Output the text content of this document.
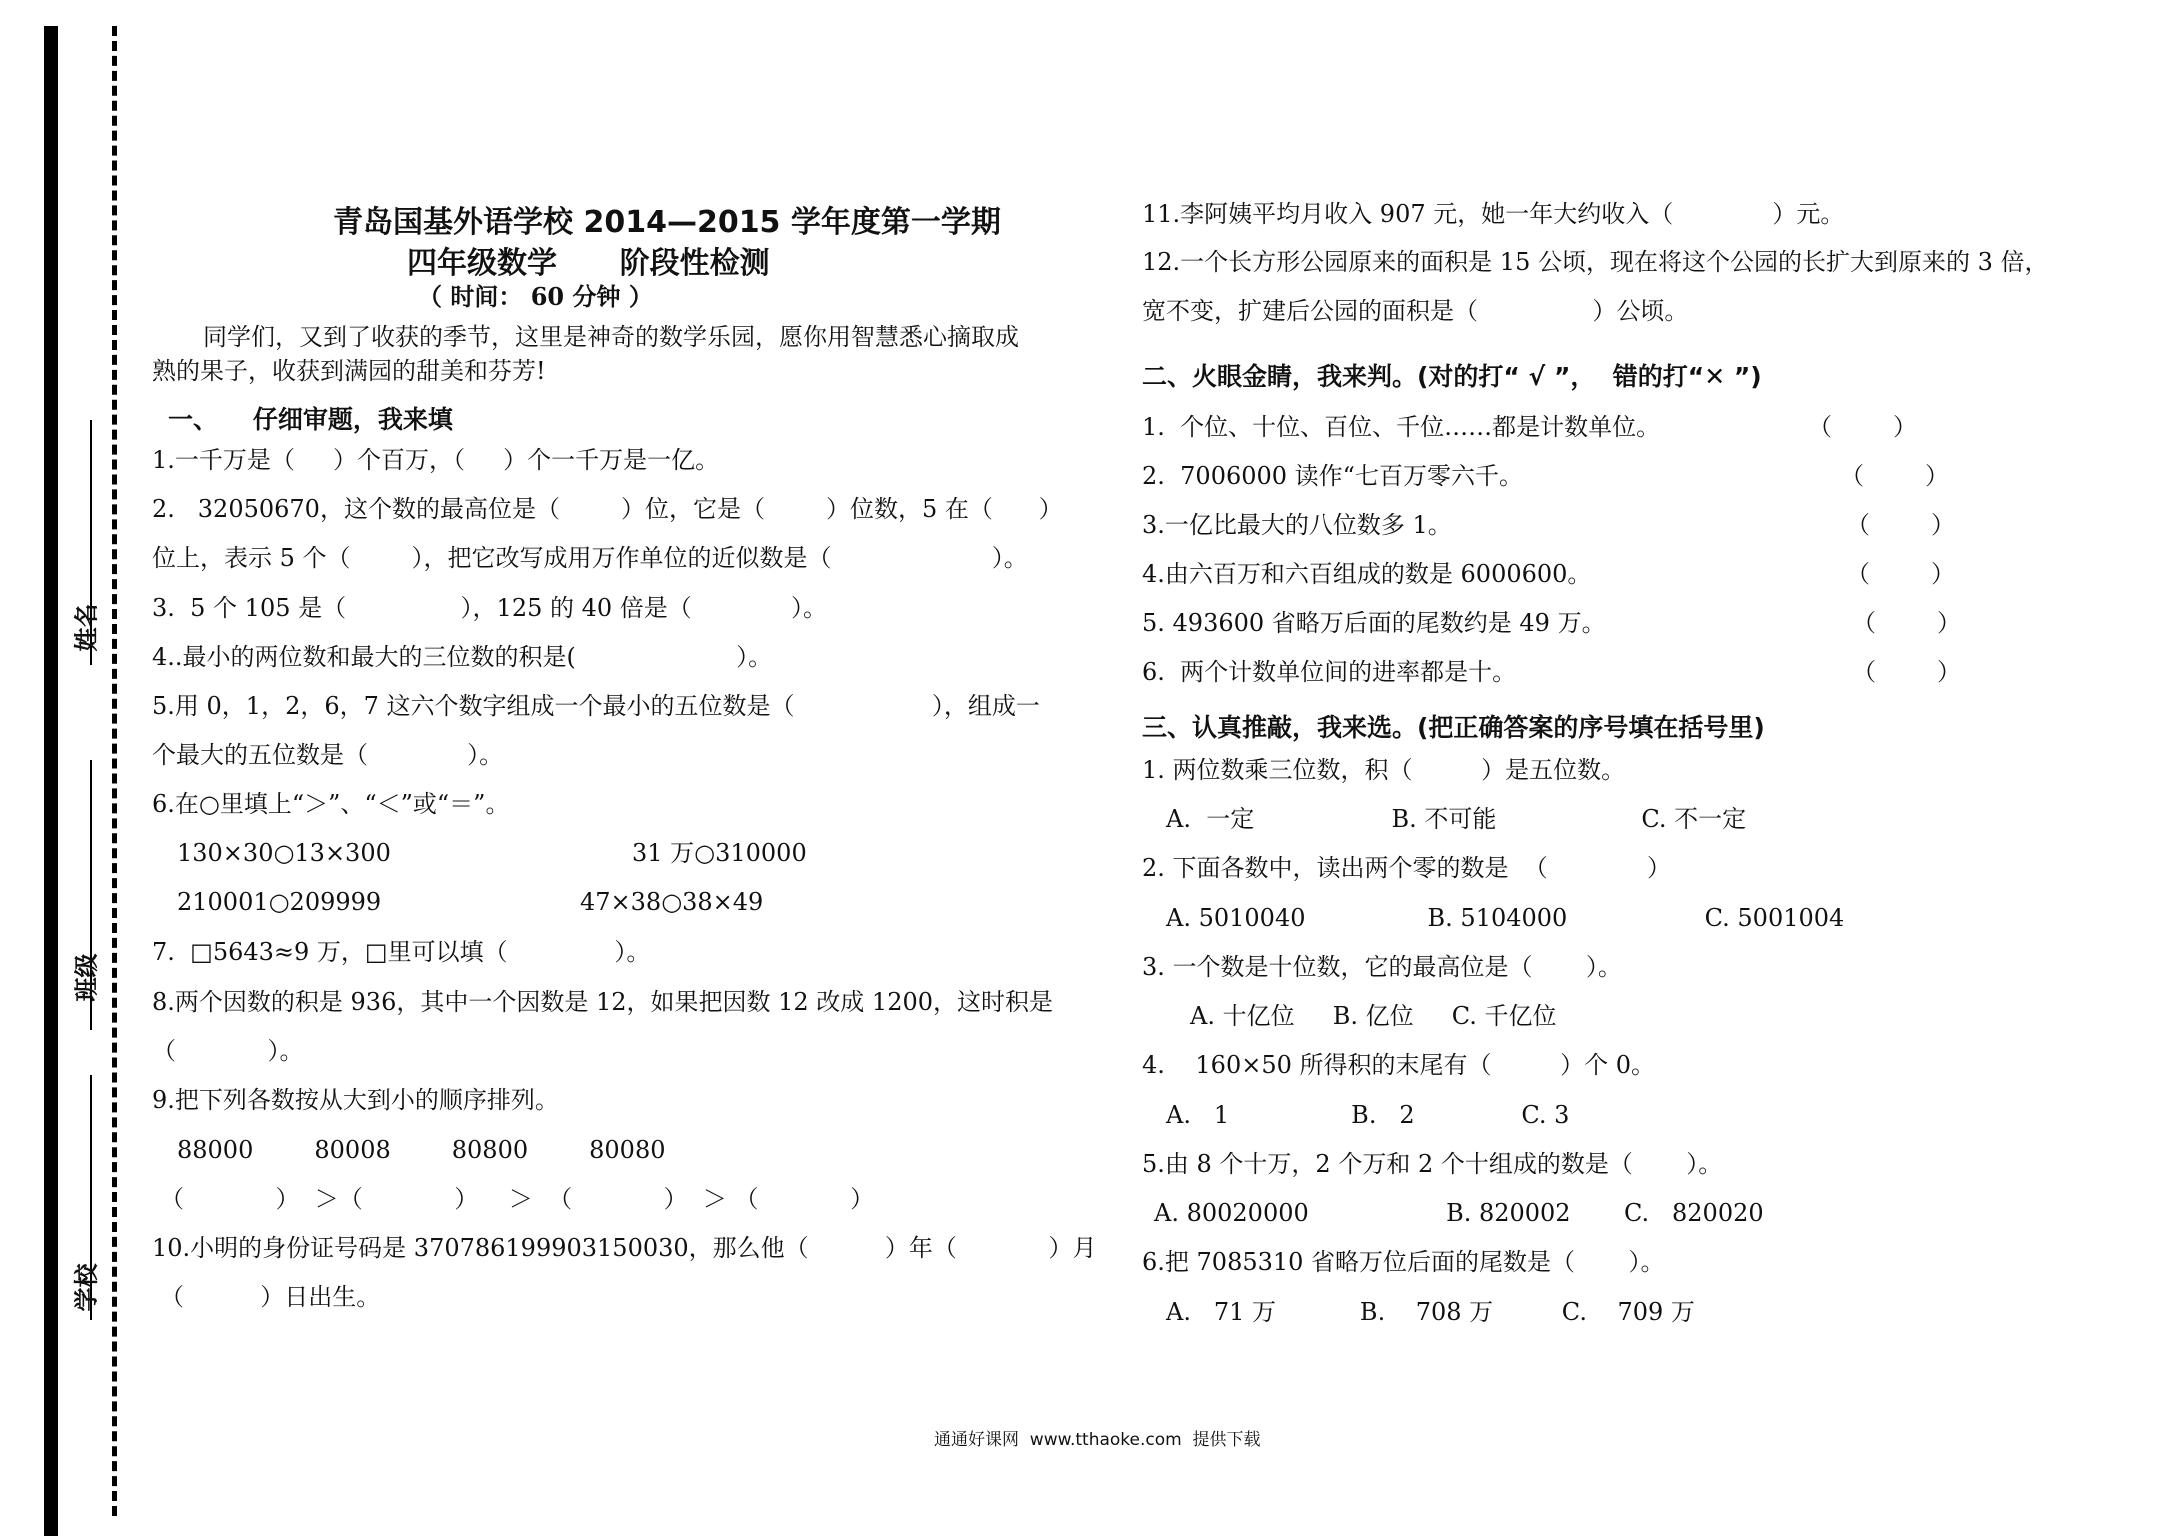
姓名
班级
学校
青岛国基外语学校 2014—2015 学年度第一学期
四年级数学      阶段性检测
（ 时间： 60 分钟 ）
同学们，又到了收获的季节，这里是神奇的数学乐园，愿你用智慧悉心摘取成
熟的果子，收获到满园的甜美和芬芳!
一、    仔细审题，我来填
1.一千万是（     ）个百万，（     ）个一千万是一亿。
2.   32050670，这个数的最高位是（        ）位，它是（        ）位数，5 在（      ）
位上，表示 5 个（        ），把它改写成用万作单位的近似数是（                     ）。
3.  5 个 105 是（               ），125 的 40 倍是（             ）。
4..最小的两位数和最大的三位数的积是(                     ）。
5.用 0，1，2，6，7 这六个数字组成一个最小的五位数是（                  ），组成一
个最大的五位数是（             ）。
6.在○里填上“＞”、“＜”或“＝”。
130×30○13×300	31 万○310000
210001○209999	47×38○38×49
7.  □5643≈9 万，□里可以填（              ）。
8.两个因数的积是 936，其中一个因数是 12，如果把因数 12 改成 1200，这时积是
（            ）。
9.把下列各数按从大到小的顺序排列。
88000        80008        80800        80080
（            ）  ＞（            ）    ＞  （            ）  ＞ （            ）
10.小明的身份证号码是 370786199903150030，那么他（          ）年（            ）月
（          ）日出生。
11.李阿姨平均月收入 907 元，她一年大约收入（             ）元。
12.一个长方形公园原来的面积是 15 公顷，现在将这个公园的长扩大到原来的 3 倍，
宽不变，扩建后公园的面积是（               ）公顷。
二、火眼金睛，我来判。(对的打“ √ ”，  错的打“✕ ”)
1.  个位、十位、百位、千位……都是计数单位。	（        ）
2.  7006000 读作“七百万零六千。	（        ）
3.一亿比最大的八位数多 1。	（        ）
4.由六百万和六百组成的数是 6000600。	（        ）
5. 493600 省略万后面的尾数约是 49 万。	（        ）
6.  两个计数单位间的进率都是十。	（        ）
三、认真推敲，我来选。(把正确答案的序号填在括号里)
1. 两位数乘三位数，积（         ）是五位数。
A.  一定                  B. 不可能                   C. 不一定
2. 下面各数中，读出两个零的数是  （             ）
A. 5010040                B. 5104000                  C. 5001004
3. 一个数是十位数，它的最高位是（       ）。
A. 十亿位     B. 亿位     C. 千亿位
4.    160×50 所得积的末尾有（         ）个 0。
A.   1                B.   2              C. 3
5.由 8 个十万，2 个万和 2 个十组成的数是（       ）。
A. 80020000                  B. 820002       C.   820020
6.把 7085310 省略万位后面的尾数是（       ）。
A.   71 万           B.    708 万         C.    709 万
通通好课网  www.tthaoke.com  提供下载
